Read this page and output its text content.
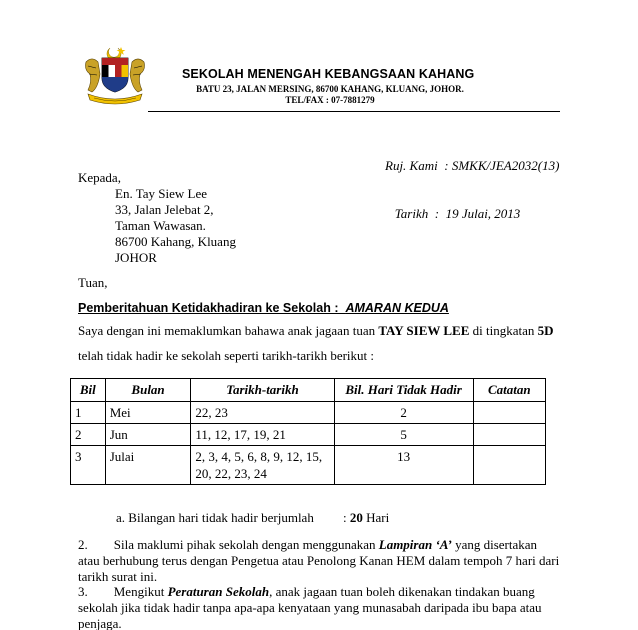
SEKOLAH MENENGAH KEBANGSAAN KAHANG
BATU 23, JALAN MERSING, 86700 KAHANG, KLUANG, JOHOR.
TEL/FAX : 07-7881279

Ruj. Kami : SMKK/JEA2032(13)

Tarikh :  19 Julai, 2013

Kepada,
En. Tay Siew Lee
33, Jalan Jelebat 2,
Taman Wawasan.
86700 Kahang, Kluang
JOHOR
Tuan,
Pemberitahuan Ketidakhadiran ke Sekolah :  AMARAN KEDUA
Saya dengan ini memaklumkan bahawa anak jagaan tuan TAY SIEW LEE di tingkatan 5D
telah tidak hadir ke sekolah seperti tarikh-tarikh berikut :
Bil	Bulan	Tarikh-tarikh	Bil. Hari Tidak Hadir	Catatan
1	Mei	22, 23	2	
2	Jun	11, 12, 17, 19, 21	5	
3	Julai	2, 3, 4, 5, 6, 8, 9, 12, 15,
20, 22, 23, 24	13	
a. Bilangan hari tidak hadir berjumlah : 20 Hari
2. Sila maklumi pihak sekolah dengan menggunakan Lampiran ‘A’ yang disertakan
atau berhubung terus dengan Pengetua atau Penolong Kanan HEM dalam tempoh 7 hari dari
tarikh surat ini.
3. Mengikut Peraturan Sekolah, anak jagaan tuan boleh dikenakan tindakan buang
sekolah jika tidak hadir tanpa apa-apa kenyataan yang munasabah daripada ibu bapa atau
penjaga.
